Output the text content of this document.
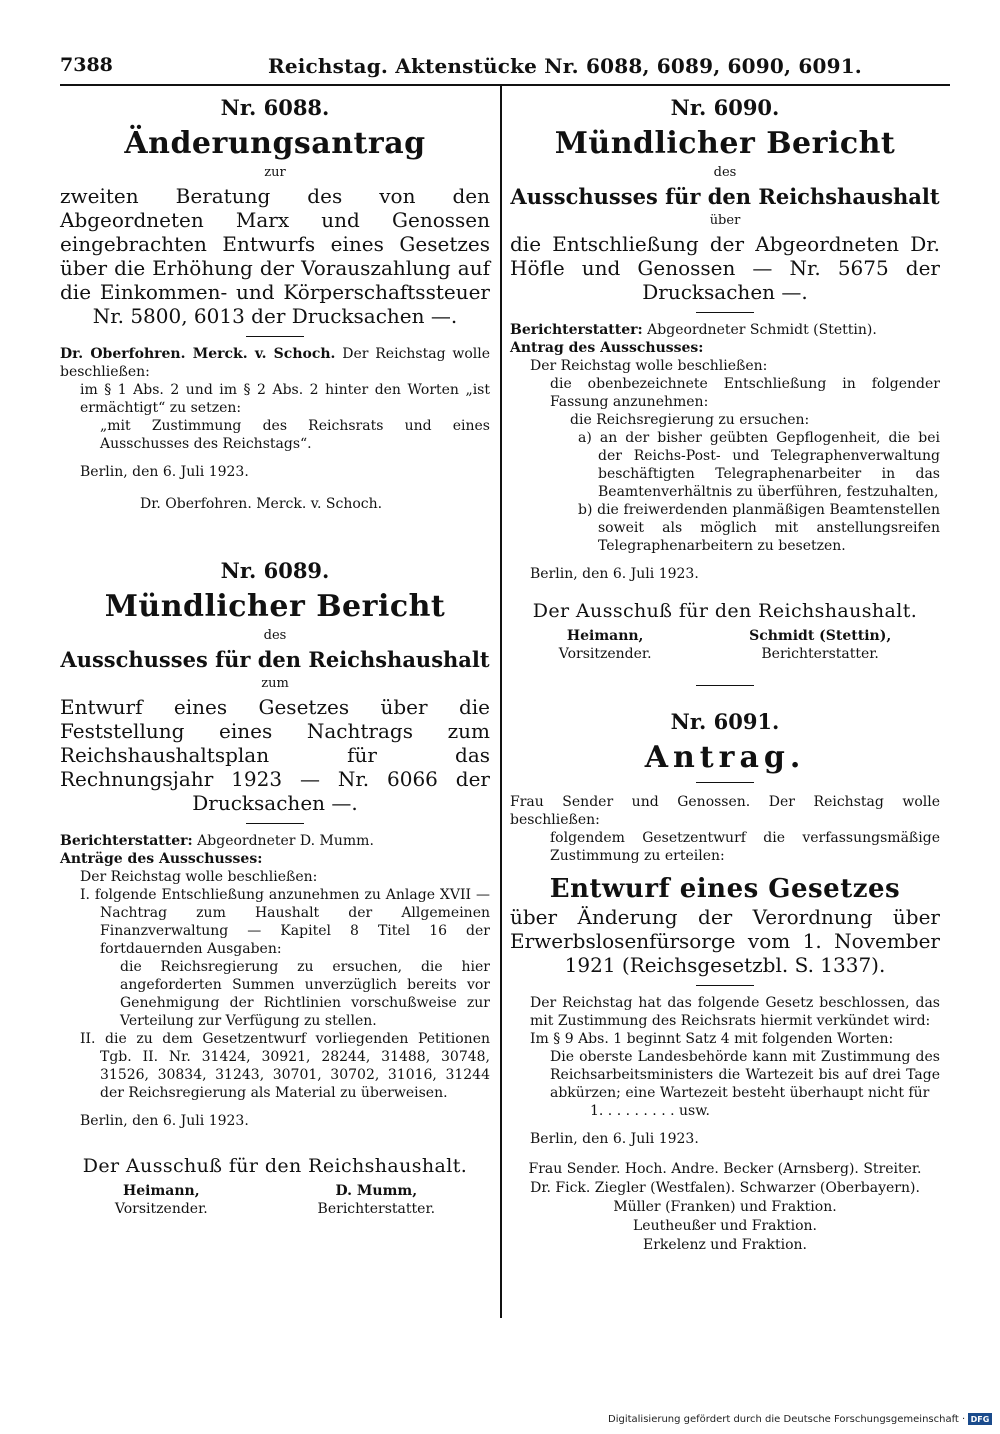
7388	Reichstag. Aktenstücke Nr. 6088, 6089, 6090, 6091.

Nr. 6088.

Änderungsantrag

zur

zweiten Beratung des von den Abgeordneten Marx und Genossen eingebrachten Entwurfs eines Gesetzes über die Erhöhung der Vorauszahlung auf die Einkommen- und Körperschaftssteuer Nr. 5800, 6013 der Drucksachen —.

Dr. Oberfohren. Merck. v. Schoch. Der Reichstag wolle beschließen:

im § 1 Abs. 2 und im § 2 Abs. 2 hinter den Worten „ist ermächtigt“ zu setzen:

„mit Zustimmung des Reichsrats und eines Ausschusses des Reichstags“.

Berlin, den 6. Juli 1923.

Dr. Oberfohren. Merck. v. Schoch.

Nr. 6089.

Mündlicher Bericht

des

Ausschusses für den Reichshaushalt

zum

Entwurf eines Gesetzes über die Feststellung eines Nachtrags zum Reichshaushaltsplan für das Rechnungsjahr 1923 — Nr. 6066 der Drucksachen —.

Berichterstatter: Abgeordneter D. Mumm.

Anträge des Ausschusses:

Der Reichstag wolle beschließen:

I. folgende Entschließung anzunehmen zu Anlage XVII — Nachtrag zum Haushalt der Allgemeinen Finanzverwaltung — Kapitel 8 Titel 16 der fortdauernden Ausgaben:

die Reichsregierung zu ersuchen, die hier angeforderten Summen unverzüglich bereits vor Genehmigung der Richtlinien vorschußweise zur Verteilung zur Verfügung zu stellen.

II. die zu dem Gesetzentwurf vorliegenden Petitionen Tgb. II. Nr. 31424, 30921, 28244, 31488, 30748, 31526, 30834, 31243, 30701, 30702, 31016, 31244 der Reichsregierung als Material zu überweisen.

Berlin, den 6. Juli 1923.

Der Ausschuß für den Reichshaushalt.

Heimann,
Vorsitzender.
D. Mumm,
Berichterstatter.

Nr. 6090.

Mündlicher Bericht

des

Ausschusses für den Reichshaushalt

über

die Entschließung der Abgeordneten Dr. Höfle und Genossen — Nr. 5675 der Drucksachen —.

Berichterstatter: Abgeordneter Schmidt (Stettin).

Antrag des Ausschusses:

Der Reichstag wolle beschließen:

die obenbezeichnete Entschließung in folgender Fassung anzunehmen:

die Reichsregierung zu ersuchen:

a) an der bisher geübten Gepflogenheit, die bei der Reichs-Post- und Telegraphenverwaltung beschäftigten Telegraphenarbeiter in das Beamtenverhältnis zu überführen, festzuhalten,

b) die freiwerdenden planmäßigen Beamtenstellen soweit als möglich mit anstellungsreifen Telegraphenarbeitern zu besetzen.

Berlin, den 6. Juli 1923.

Der Ausschuß für den Reichshaushalt.

Heimann,
Vorsitzender.
Schmidt (Stettin),
Berichterstatter.

Nr. 6091.

Antrag.

Frau Sender und Genossen. Der Reichstag wolle beschließen:

folgendem Gesetzentwurf die verfassungsmäßige Zustimmung zu erteilen:

Entwurf eines Gesetzes

über Änderung der Verordnung über Erwerbslosenfürsorge vom 1. November 1921 (Reichsgesetzbl. S. 1337).

Der Reichstag hat das folgende Gesetz beschlossen, das mit Zustimmung des Reichsrats hiermit verkündet wird:

Im § 9 Abs. 1 beginnt Satz 4 mit folgenden Worten:

Die oberste Landesbehörde kann mit Zustimmung des Reichsarbeitsministers die Wartezeit bis auf drei Tage abkürzen; eine Wartezeit besteht überhaupt nicht für

1. . . . . . . . . usw.

Berlin, den 6. Juli 1923.

Frau Sender. Hoch. Andre. Becker (Arnsberg). Streiter.

Dr. Fick. Ziegler (Westfalen). Schwarzer (Oberbayern).

Müller (Franken) und Fraktion.

Leutheußer und Fraktion.

Erkelenz und Fraktion.

Digitalisierung gefördert durch die Deutsche Forschungsgemeinschaft · DFG
